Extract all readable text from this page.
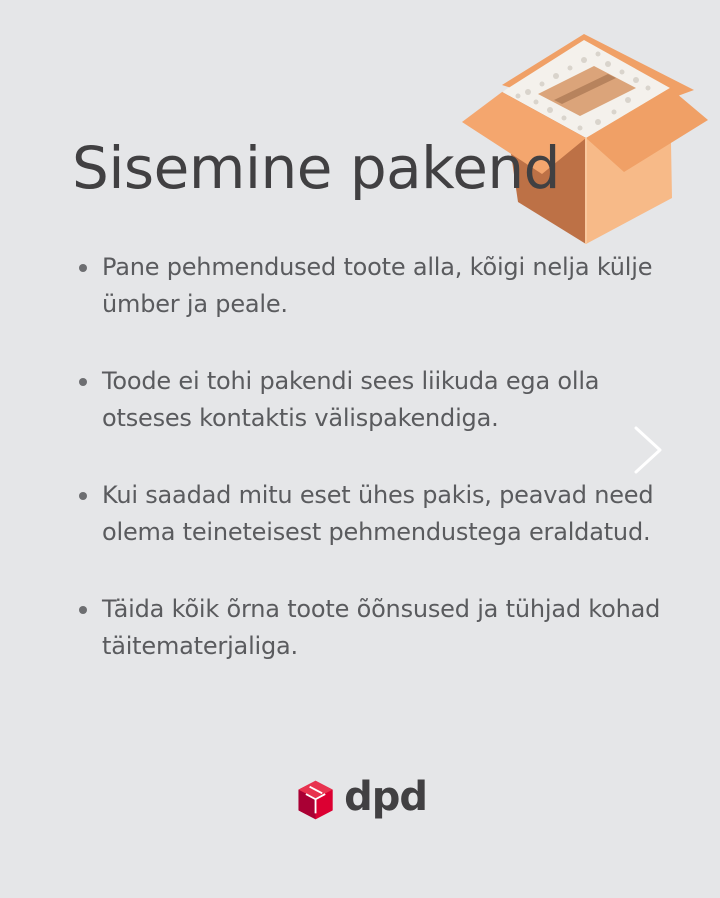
Sisemine pakend
Pane pehmendused toote alla, kõigi nelja külje ümber ja peale.
Toode ei tohi pakendi sees liikuda ega olla otseses kontaktis välispakendiga.
Kui saadad mitu eset ühes pakis, peavad need olema teineteisest pehmendustega eraldatud.
Täida kõik õrna toote õõnsused ja tühjad kohad täitematerjaliga.
dpd
